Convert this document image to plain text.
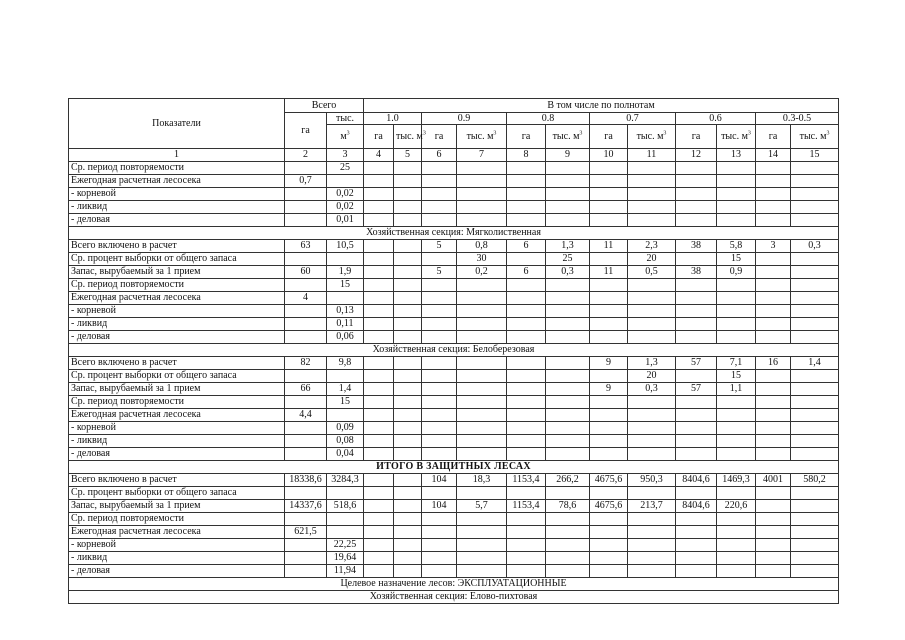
Показатели	Всего		В том числе по полнотам											
	га	тыс.	1.0		0.9		0.8		0.7		0.6		0.3-0.5	
		$м^3$	га	тыс. $м^3$	га	тыс. $м^3$	га	тыс. $м^3$	га	тыс. $м^3$	га	тыс. $м^3$	га	тыс. $м^3$
1	2	3	4	5	6	7	8	9	10	11	12	13	14	15
Ср. период повторяемости		25												
Ежегодная расчетная лесосека	0,7													
- корневой		0,02												
- ликвид		0,02												
- деловая		0,01												
Хозяйственная секция: Мягколиственная														
Всего включено в расчет	63	10,5			5	0,8	6	1,3	11	2,3	38	5,8	3	0,3
Ср. процент выборки от общего запаса						30		25		20		15		
Запас, вырубаемый за 1 прием	60	1,9			5	0,2	6	0,3	11	0,5	38	0,9		
Ср. период повторяемости		15												
Ежегодная расчетная лесосека	4													
- корневой		0,13												
- ликвид		0,11												
- деловая		0,06												
Хозяйственная секция: Белоберезовая														
Всего включено в расчет	82	9,8							9	1,3	57	7,1	16	1,4
Ср. процент выборки от общего запаса										20		15		
Запас, вырубаемый за 1 прием	66	1,4							9	0,3	57	1,1		
Ср. период повторяемости		15												
Ежегодная расчетная лесосека	4,4													
- корневой		0,09												
- ликвид		0,08												
- деловая		0,04												
ИТОГО В ЗАЩИТНЫХ ЛЕСАХ														
Всего включено в расчет	18338,6	3284,3			104	18,3	1153,4	266,2	4675,6	950,3	8404,6	1469,3	4001	580,2
Ср. процент выборки от общего запаса														
Запас, вырубаемый за 1 прием	14337,6	518,6			104	5,7	1153,4	78,6	4675,6	213,7	8404,6	220,6		
Ср. период повторяемости														
Ежегодная расчетная лесосека	621,5													
- корневой		22,25												
- ликвид		19,64												
- деловая		11,94												
Целевое назначение лесов: ЭКСПЛУАТАЦИОННЫЕ														
Хозяйственная секция: Елово-пихтовая														
